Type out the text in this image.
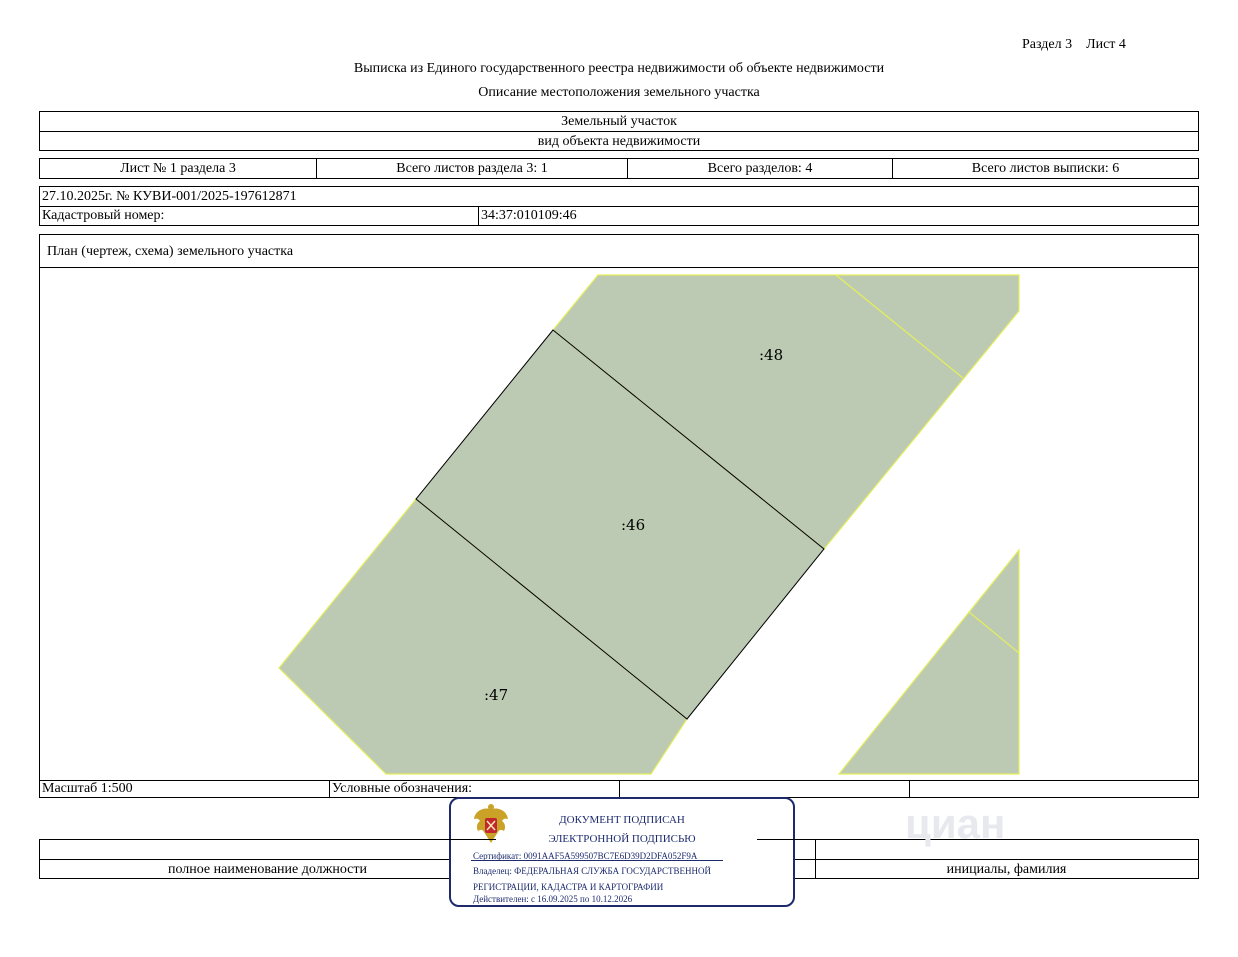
Раздел 3    Лист 4
Выписка из Единого государственного реестра недвижимости об объекте недвижимости
Описание местоположения земельного участка
Земельный участок
вид объекта недвижимости
Лист № 1 раздела 3	Всего листов раздела 3: 1	Всего разделов: 4	Всего листов выписки: 6
27.10.2025г. № КУВИ-001/2025-197612871
Кадастровый номер:	34:37:010109:46
План (чертеж, схема) земельного участка
:48
:46
:47
Масштаб 1:500	Условные обозначения:
полное наименование должности	инициалы, фамилия
циан
ДОКУМЕНТ ПОДПИСАН
ЭЛЕКТРОННОЙ ПОДПИСЬЮ
Сертификат: 0091AAF5A599507BC7E6D39D2DFA052F9A
Владелец: ФЕДЕРАЛЬНАЯ СЛУЖБА ГОСУДАРСТВЕННОЙ
РЕГИСТРАЦИИ, КАДАСТРА И КАРТОГРАФИИ
Действителен: с 16.09.2025 по 10.12.2026
